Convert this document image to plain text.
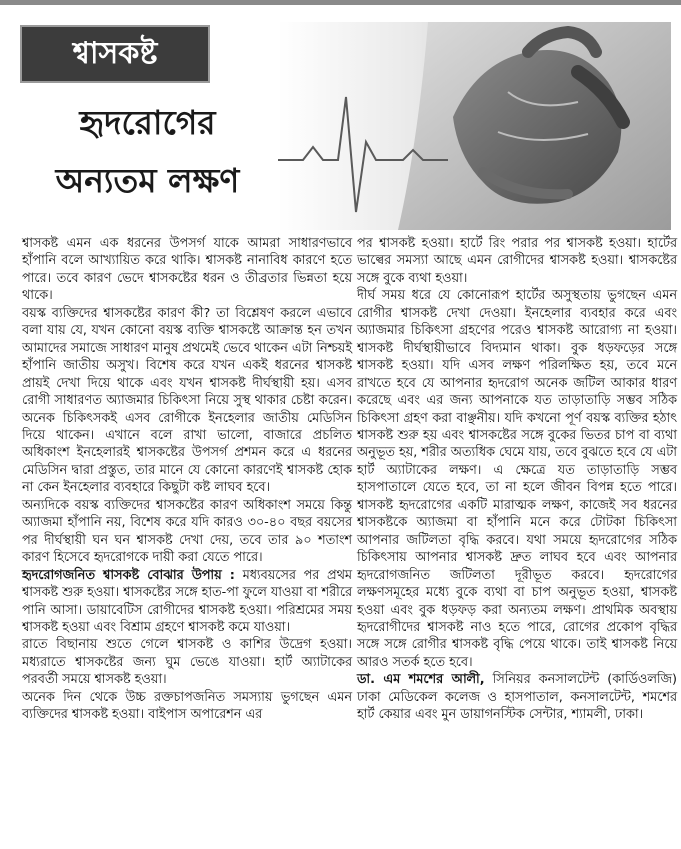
শ্বাসকষ্ট
হৃদরোগের
অন্যতম লক্ষণ

শ্বাসকষ্ট এমন এক ধরনের উপসর্গ যাকে আমরা সাধারণভাবে হাঁপানি বলে আখ্যায়িত করে থাকি। শ্বাসকষ্ট নানাবিধ কারণে হতে পারে। তবে কারণ ভেদে শ্বাসকষ্টের ধরন ও তীব্রতার ভিন্নতা হয়ে থাকে।

বয়স্ক ব্যক্তিদের শ্বাসকষ্টের কারণ কী? তা বিশ্লেষণ করলে এভাবে বলা যায় যে, যখন কোনো বয়স্ক ব্যক্তি শ্বাসকষ্টে আক্রান্ত হন তখন আমাদের সমাজে সাধারণ মানুষ প্রথমেই ভেবে থাকেন এটা নিশ্চয়ই হাঁপানি জাতীয় অসুখ। বিশেষ করে যখন একই ধরনের শ্বাসকষ্ট প্রায়ই দেখা দিয়ে থাকে এবং যখন শ্বাসকষ্ট দীর্ঘস্থায়ী হয়। এসব রোগী সাধারণত অ্যাজমার চিকিৎসা নিয়ে সুস্থ থাকার চেষ্টা করেন। অনেক চিকিৎসকই এসব রোগীকে ইনহেলার জাতীয় মেডিসিন দিয়ে থাকেন। এখানে বলে রাখা ভালো, বাজারে প্রচলিত অধিকাংশ ইনহেলারই শ্বাসকষ্টের উপসর্গ প্রশমন করে এ ধরনের মেডিসিন দ্বারা প্রস্তুত, তার মানে যে কোনো কারণেই শ্বাসকষ্ট হোক না কেন ইনহেলার ব্যবহারে কিছুটা কষ্ট লাঘব হবে।

অন্যদিকে বয়স্ক ব্যক্তিদের শ্বাসকষ্টের কারণ অধিকাংশ সময়ে কিন্তু অ্যাজমা হাঁপানি নয়, বিশেষ করে যদি কারও ৩০-৪০ বছর বয়সের পর দীর্ঘস্থায়ী ঘন ঘন শ্বাসকষ্ট দেখা দেয়, তবে তার ৯০ শতাংশ কারণ হিসেবে হৃদরোগকে দায়ী করা যেতে পারে।

হৃদরোগজনিত শ্বাসকষ্ট বোঝার উপায় : মধ্যবয়সের পর প্রথম শ্বাসকষ্ট শুরু হওয়া। শ্বাসকষ্টের সঙ্গে হাত-পা ফুলে যাওয়া বা শরীরে পানি আসা। ডায়াবেটিস রোগীদের শ্বাসকষ্ট হওয়া। পরিশ্রমের সময় শ্বাসকষ্ট হওয়া এবং বিশ্রাম গ্রহণে শ্বাসকষ্ট কমে যাওয়া।

রাতে বিছানায় শুতে গেলে শ্বাসকষ্ট ও কাশির উদ্রেগ হওয়া। মধ্যরাতে শ্বাসকষ্টের জন্য ঘুম ভেঙে যাওয়া। হার্ট অ্যাটাকের পরবর্তী সময়ে শ্বাসকষ্ট হওয়া।

অনেক দিন থেকে উচ্চ রক্তচাপজনিত সমস্যায় ভুগছেন এমন ব্যক্তিদের শ্বাসকষ্ট হওয়া। বাইপাস অপারেশন এর

পর শ্বাসকষ্ট হওয়া। হার্টে রিং পরার পর শ্বাসকষ্ট হওয়া। হার্টের ভাল্বের সমস্যা আছে এমন রোগীদের শ্বাসকষ্ট হওয়া। শ্বাসকষ্টের সঙ্গে বুকে ব্যথা হওয়া।

দীর্ঘ সময় ধরে যে কোনোরূপ হার্টের অসুস্থতায় ভুগছেন এমন রোগীর শ্বাসকষ্ট দেখা দেওয়া। ইনহেলার ব্যবহার করে এবং অ্যাজমার চিকিৎসা গ্রহণের পরেও শ্বাসকষ্ট আরোগ্য না হওয়া। শ্বাসকষ্ট দীর্ঘস্থায়ীভাবে বিদ্যমান থাকা। বুক ধড়ফড়ের সঙ্গে শ্বাসকষ্ট হওয়া। যদি এসব লক্ষণ পরিলক্ষিত হয়, তবে মনে রাখতে হবে যে আপনার হৃদরোগ অনেক জটিল আকার ধারণ করেছে এবং এর জন্য আপনাকে যত তাড়াতাড়ি সম্ভব সঠিক চিকিৎসা গ্রহণ করা বাঞ্ছনীয়। যদি কখনো পূর্ণ বয়স্ক ব্যক্তির হঠাৎ শ্বাসকষ্ট শুরু হয় এবং শ্বাসকষ্টের সঙ্গে বুকের ভিতর চাপ বা ব্যথা অনুভূত হয়, শরীর অত্যধিক ঘেমে যায়, তবে বুঝতে হবে যে এটা হার্ট অ্যাটাকের লক্ষণ। এ ক্ষেত্রে যত তাড়াতাড়ি সম্ভব হাসপাতালে যেতে হবে, তা না হলে জীবন বিপন্ন হতে পারে। শ্বাসকষ্ট হৃদরোগের একটি মারাত্মক লক্ষণ, কাজেই সব ধরনের শ্বাসকষ্টকে অ্যাজমা বা হাঁপানি মনে করে টোটকা চিকিৎসা আপনার জটিলতা বৃদ্ধি করবে। যথা সময়ে হৃদরোগের সঠিক চিকিৎসায় আপনার শ্বাসকষ্ট দ্রুত লাঘব হবে এবং আপনার হৃদরোগজনিত জটিলতা দূরীভূত করবে। হৃদরোগের লক্ষণসমূহের মধ্যে বুকে ব্যথা বা চাপ অনুভূত হওয়া, শ্বাসকষ্ট হওয়া এবং বুক ধড়ফড় করা অন্যতম লক্ষণ। প্রাথমিক অবস্থায় হৃদরোগীদের শ্বাসকষ্ট নাও হতে পারে, রোগের প্রকোপ বৃদ্ধির সঙ্গে সঙ্গে রোগীর শ্বাসকষ্ট বৃদ্ধি পেয়ে থাকে। তাই শ্বাসকষ্ট নিয়ে আরও সতর্ক হতে হবে।

ডা. এম শমশের আলী, সিনিয়র কনসালটেন্ট (কার্ডিওলজি) ঢাকা মেডিকেল কলেজ ও হাসপাতাল, কনসালটেন্ট, শমশের হার্ট কেয়ার এবং মুন ডায়াগনস্টিক সেন্টার, শ্যামলী, ঢাকা।
